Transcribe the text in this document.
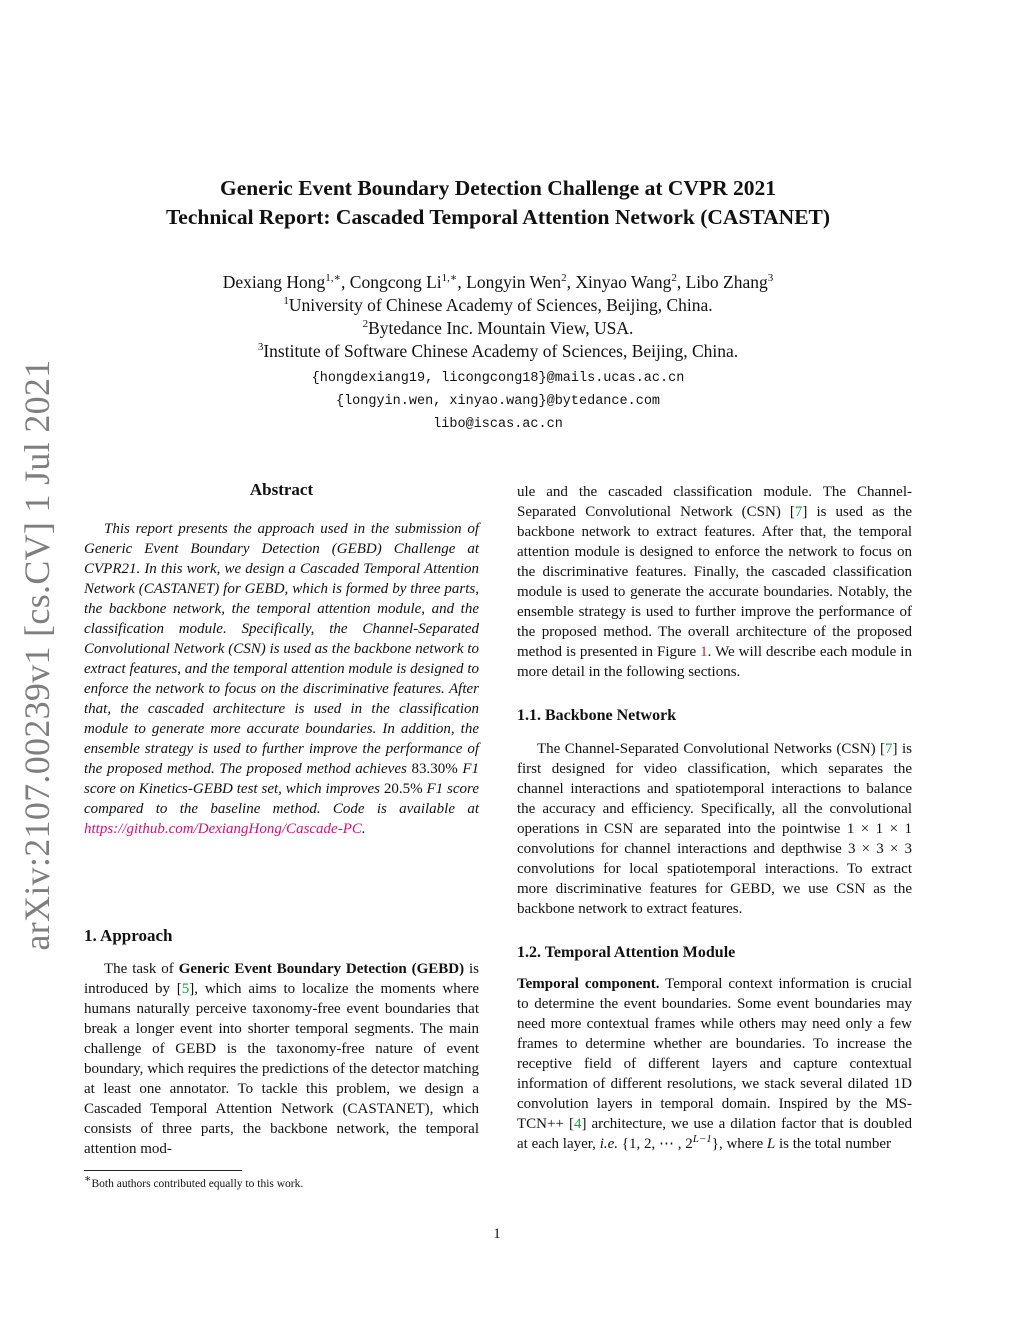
arXiv:2107.00239v1 [cs.CV] 1 Jul 2021
Generic Event Boundary Detection Challenge at CVPR 2021
Technical Report: Cascaded Temporal Attention Network (CASTANET)
Dexiang Hong$^{1,∗}$, Congcong $Li^{1,∗}$, Longyin Wen$^2$, Xinyao Wang$^2$, Libo Zhang$^3$
$^1$University of Chinese Academy of Sciences, Beijing, China.
$^2$Bytedance Inc. Mountain View, USA.
$^3$Institute of Software Chinese Academy of Sciences, Beijing, China.
{hongdexiang19, licongcong18}@mails.ucas.ac.cn
{longyin.wen, xinyao.wang}@bytedance.com
libo@iscas.ac.cn
Abstract

This report presents the approach used in the submission of Generic Event Boundary Detection (GEBD) Challenge at CVPR21. In this work, we design a Cascaded Temporal Attention Network (CASTANET) for GEBD, which is formed by three parts, the backbone network, the temporal attention module, and the classification module. Specifically, the Channel-Separated Convolutional Network (CSN) is used as the backbone network to extract features, and the temporal attention module is designed to enforce the network to focus on the discriminative features. After that, the cascaded architecture is used in the classification module to generate more accurate boundaries. In addition, the ensemble strategy is used to further improve the performance of the proposed method. The proposed method achieves 83.30% F1 score on Kinetics-GEBD test set, which improves 20.5% F1 score compared to the baseline method. Code is available at https://github.com/DexiangHong/Cascade-PC.

1. Approach

The task of Generic Event Boundary Detection (GEBD) is introduced by [5], which aims to localize the moments where humans naturally perceive taxonomy-free event boundaries that break a longer event into shorter temporal segments. The main challenge of GEBD is the taxonomy-free nature of event boundary, which requires the predictions of the detector matching at least one annotator. To tackle this problem, we design a Cascaded Temporal Attention Network (CASTANET), which consists of three parts, the backbone network, the temporal attention mod-

∗Both authors contributed equally to this work.

ule and the cascaded classification module. The Channel-Separated Convolutional Network (CSN) [7] is used as the backbone network to extract features. After that, the temporal attention module is designed to enforce the network to focus on the discriminative features. Finally, the cascaded classification module is used to generate the accurate boundaries. Notably, the ensemble strategy is used to further improve the performance of the proposed method. The overall architecture of the proposed method is presented in Figure 1. We will describe each module in more detail in the following sections.

1.1. Backbone Network

The Channel-Separated Convolutional Networks (CSN) [7] is first designed for video classification, which separates the channel interactions and spatiotemporal interactions to balance the accuracy and efficiency. Specifically, all the convolutional operations in CSN are separated into the pointwise 1 × 1 × 1 convolutions for channel interactions and depthwise 3 × 3 × 3 convolutions for local spatiotemporal interactions. To extract more discriminative features for GEBD, we use CSN as the backbone network to extract features.

1.2. Temporal Attention Module

Temporal component. Temporal context information is crucial to determine the event boundaries. Some event boundaries may need more contextual frames while others may need only a few frames to determine whether are boundaries. To increase the receptive field of different layers and capture contextual information of different resolutions, we stack several dilated 1D convolution layers in temporal domain. Inspired by the MS-TCN++ [4] architecture, we use a dilation factor that is doubled at each layer, i.e. {1, 2, ⋯ , $2^{L-1}$}, where L is the total number

1
